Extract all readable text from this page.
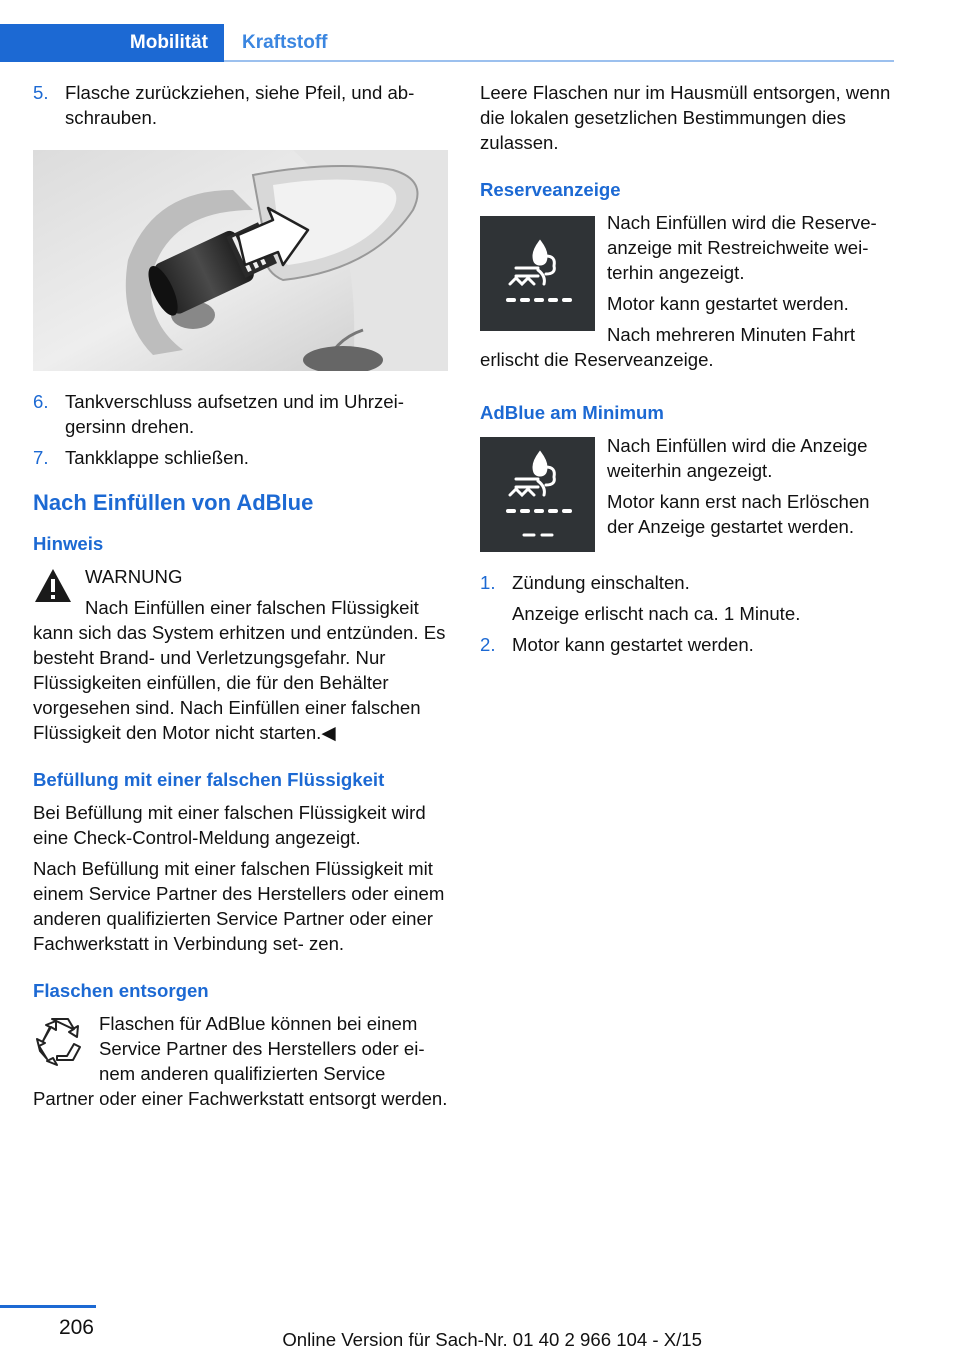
Mobilität	Kraftstoff
5. Flasche zurückziehen, siehe Pfeil, und ab‐ schrauben.
6. Tankverschluss aufsetzen und im Uhrzei‐ gersinn drehen.
7. Tankklappe schließen.
Nach Einfüllen von AdBlue
Hinweis
WARNUNG
Nach Einfüllen einer falschen Flüssigkeit kann sich das System erhitzen und entzünden. Es besteht Brand- und Verletzungsgefahr. Nur Flüssigkeiten einfüllen, die für den Behälter vorgesehen sind. Nach Einfüllen einer falschen Flüssigkeit den Motor nicht starten.◀
Befüllung mit einer falschen Flüssigkeit
Bei Befüllung mit einer falschen Flüssigkeit wird eine Check-Control-Meldung angezeigt.
Nach Befüllung mit einer falschen Flüssigkeit mit einem Service Partner des Herstellers oder einem anderen qualifizierten Service Partner oder einer Fachwerkstatt in Verbindung set‐ zen.
Flaschen entsorgen
Flaschen für AdBlue können bei einem Service Partner des Herstellers oder ei‐ nem anderen qualifizierten Service Partner oder einer Fachwerkstatt entsorgt werden.
Leere Flaschen nur im Hausmüll entsorgen, wenn die lokalen gesetzlichen Bestimmungen dies zulassen.
Reserveanzeige
Nach Einfüllen wird die Reserve‐ anzeige mit Restreichweite wei‐ terhin angezeigt.
Motor kann gestartet werden.
Nach mehreren Minuten Fahrt erlischt die Reserveanzeige.
AdBlue am Minimum
Nach Einfüllen wird die Anzeige weiterhin angezeigt.
Motor kann erst nach Erlöschen der Anzeige gestartet werden.
1. Zündung einschalten.
Anzeige erlischt nach ca. 1 Minute.
2. Motor kann gestartet werden.
206
Online Version für Sach-Nr. 01 40 2 966 104 - X/15
